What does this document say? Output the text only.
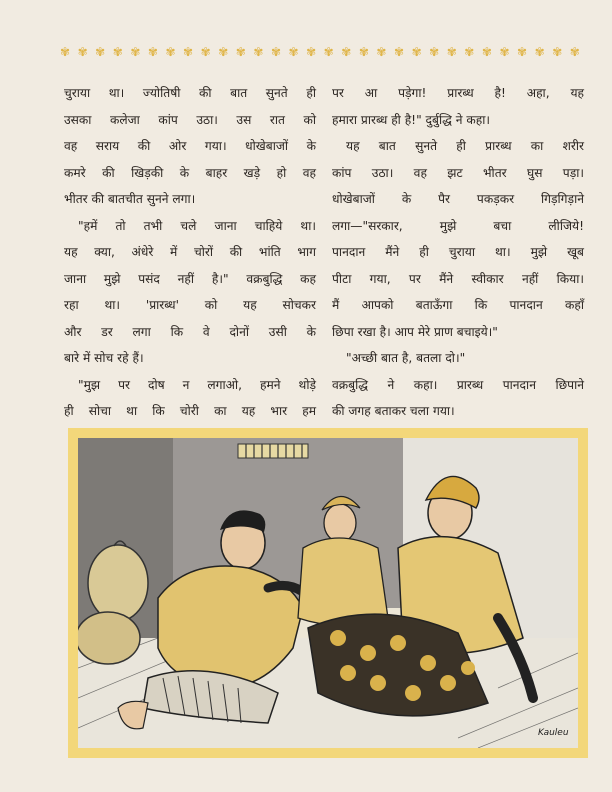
✾ ✾ ✾ ✾ ✾ ✾ ✾ ✾ ✾ ✾ ✾ ✾ ✾ ✾ ✾ ✾ ✾ ✾ ✾ ✾ ✾ ✾ ✾ ✾ ✾ ✾ ✾ ✾ ✾ ✾

चुराया था। ज्योतिषी की बात सुनते ही

उसका कलेजा कांप उठा। उस रात को

वह सराय की ओर गया। धोखेबाजों के

कमरे की खिड़की के बाहर खड़े हो वह

भीतर की बातचीत सुनने लगा।

"हमें तो तभी चले जाना चाहिये था।

यह क्या, अंधेरे में चोरों की भांति भाग

जाना मुझे पसंद नहीं है।" वक्रबुद्धि कह

रहा था। 'प्रारब्ध' को यह सोचकर

और डर लगा कि वे दोनों उसी के

बारे में सोच रहे हैं।

"मुझ पर दोष न लगाओ, हमने थोड़े

ही सोचा था कि चोरी का यह भार हम

पर आ पड़ेगा! प्रारब्ध है! अहा, यह

हमारा प्रारब्ध ही है!" दुर्बुद्धि ने कहा।

यह बात सुनते ही प्रारब्ध का शरीर

कांप उठा। वह झट भीतर घुस पड़ा।

धोखेबाजों के पैर पकड़कर गिड़गिड़ाने

लगा—"सरकार, मुझे बचा लीजिये!

पानदान मैंने ही चुराया था। मुझे खूब

पीटा गया, पर मैंने स्वीकार नहीं किया।

मैं आपको बताऊँगा कि पानदान कहाँ

छिपा रखा है। आप मेरे प्राण बचाइये।"

"अच्छी बात है, बतला दो।"

वक्रबुद्धि ने कहा। प्रारब्ध पानदान छिपाने

की जगह बताकर चला गया।

Kauleu
